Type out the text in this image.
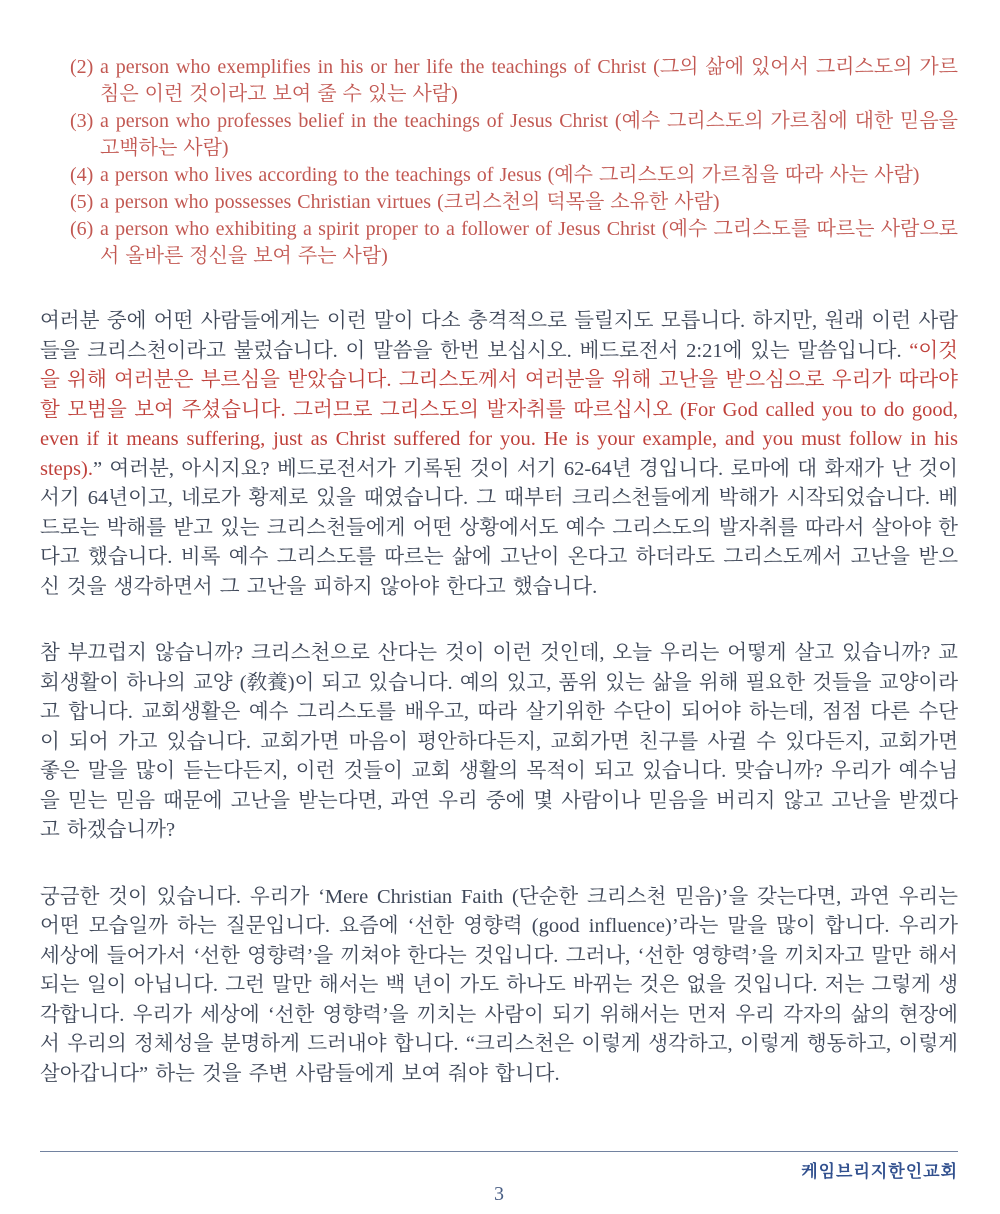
(2) a person who exemplifies in his or her life the teachings of Christ (그의 삶에 있어서 그리스도의 가르침은 이런 것이라고 보여 줄 수 있는 사람)
(3) a person who professes belief in the teachings of Jesus Christ (예수 그리스도의 가르침에 대한 믿음을 고백하는 사람)
(4) a person who lives according to the teachings of Jesus (예수 그리스도의 가르침을 따라 사는 사람)
(5) a person who possesses Christian virtues (크리스천의 덕목을 소유한 사람)
(6) a person who exhibiting a spirit proper to a follower of Jesus Christ (예수 그리스도를 따르는 사람으로서 올바른 정신을 보여 주는 사람)

여러분 중에 어떤 사람들에게는 이런 말이 다소 충격적으로 들릴지도 모릅니다. 하지만, 원래 이런 사람들을 크리스천이라고 불렀습니다. 이 말씀을 한번 보십시오. 베드로전서 2:21에 있는 말씀입니다. “이것을 위해 여러분은 부르심을 받았습니다. 그리스도께서 여러분을 위해 고난을 받으심으로 우리가 따라야 할 모범을 보여 주셨습니다. 그러므로 그리스도의 발자취를 따르십시오 (For God called you to do good, even if it means suffering, just as Christ suffered for you. He is your example, and you must follow in his steps).” 여러분, 아시지요? 베드로전서가 기록된 것이 서기 62-64년 경입니다. 로마에 대 화재가 난 것이 서기 64년이고, 네로가 황제로 있을 때였습니다. 그 때부터 크리스천들에게 박해가 시작되었습니다. 베드로는 박해를 받고 있는 크리스천들에게 어떤 상황에서도 예수 그리스도의 발자취를 따라서 살아야 한다고 했습니다. 비록 예수 그리스도를 따르는 삶에 고난이 온다고 하더라도 그리스도께서 고난을 받으신 것을 생각하면서 그 고난을 피하지 않아야 한다고 했습니다.

참 부끄럽지 않습니까? 크리스천으로 산다는 것이 이런 것인데, 오늘 우리는 어떻게 살고 있습니까? 교회생활이 하나의 교양 (敎養)이 되고 있습니다. 예의 있고, 품위 있는 삶을 위해 필요한 것들을 교양이라고 합니다. 교회생활은 예수 그리스도를 배우고, 따라 살기위한 수단이 되어야 하는데, 점점 다른 수단이 되어 가고 있습니다. 교회가면 마음이 평안하다든지, 교회가면 친구를 사귈 수 있다든지, 교회가면 좋은 말을 많이 듣는다든지, 이런 것들이 교회 생활의 목적이 되고 있습니다. 맞습니까? 우리가 예수님을 믿는 믿음 때문에 고난을 받는다면, 과연 우리 중에 몇 사람이나 믿음을 버리지 않고 고난을 받겠다고 하겠습니까?

궁금한 것이 있습니다. 우리가 ‘Mere Christian Faith (단순한 크리스천 믿음)’을 갖는다면, 과연 우리는 어떤 모습일까 하는 질문입니다. 요즘에 ‘선한 영향력 (good influence)’라는 말을 많이 합니다. 우리가 세상에 들어가서 ‘선한 영향력’을 끼쳐야 한다는 것입니다. 그러나, ‘선한 영향력’을 끼치자고 말만 해서 되는 일이 아닙니다. 그런 말만 해서는 백 년이 가도 하나도 바뀌는 것은 없을 것입니다. 저는 그렇게 생각합니다. 우리가 세상에 ‘선한 영향력’을 끼치는 사람이 되기 위해서는 먼저 우리 각자의 삶의 현장에서 우리의 정체성을 분명하게 드러내야 합니다. “크리스천은 이렇게 생각하고, 이렇게 행동하고, 이렇게 살아갑니다” 하는 것을 주변 사람들에게 보여 줘야 합니다.

케임브리지한인교회
3
